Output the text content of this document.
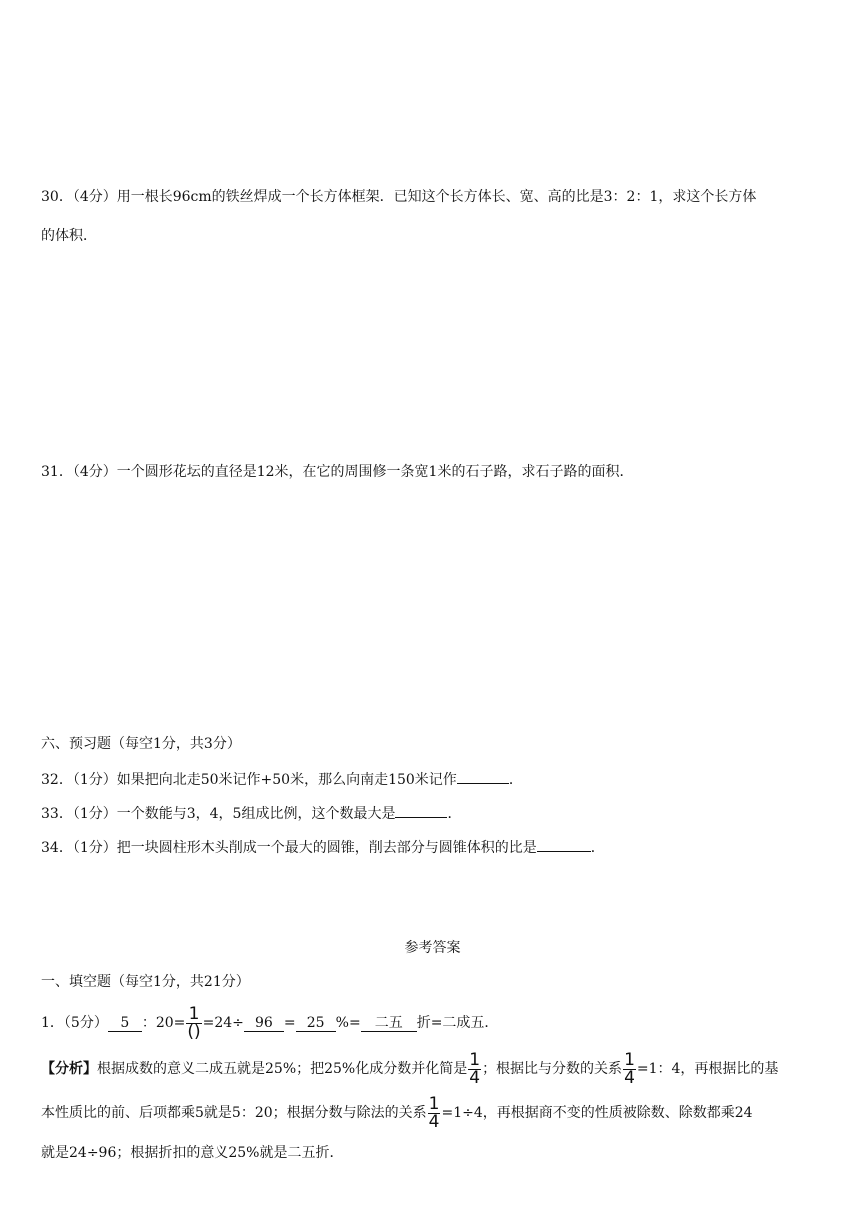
30．（4分）用一根长96cm的铁丝焊成一个长方体框架．已知这个长方体长、宽、高的比是3：2：1，求这个长方体
的体积．
31．（4分）一个圆形花坛的直径是12米，在它的周围修一条宽1米的石子路，求石子路的面积．
六、预习题（每空1分，共3分）
32．（1分）如果把向北走50米记作+50米，那么向南走150米记作	．
33．（1分）一个数能与3，4，5组成比例，这个数最大是	．
34．（1分）把一块圆柱形木头削成一个最大的圆锥，削去部分与圆锥体积的比是	．
参考答案
一、填空题（每空1分，共21分）
1．（5分） 5 ：$20= \frac{1}{()} =24\div 96 = 25$ %= 二五 折=二成五．
【分析】根据成数的意义二成五就是25%；把25%化成分数并化简是 $\frac{1}{4}$ ；根据比与分数的关系 $\frac{1}{4} =1$：4，再根据比的基
本性质比的前、后项都乘5就是5：20；根据分数与除法的关系 $\frac{1}{4} =1\div 4$，再根据商不变的性质被除数、除数都乘24
就是24÷96；根据折扣的意义25%就是二五折．
